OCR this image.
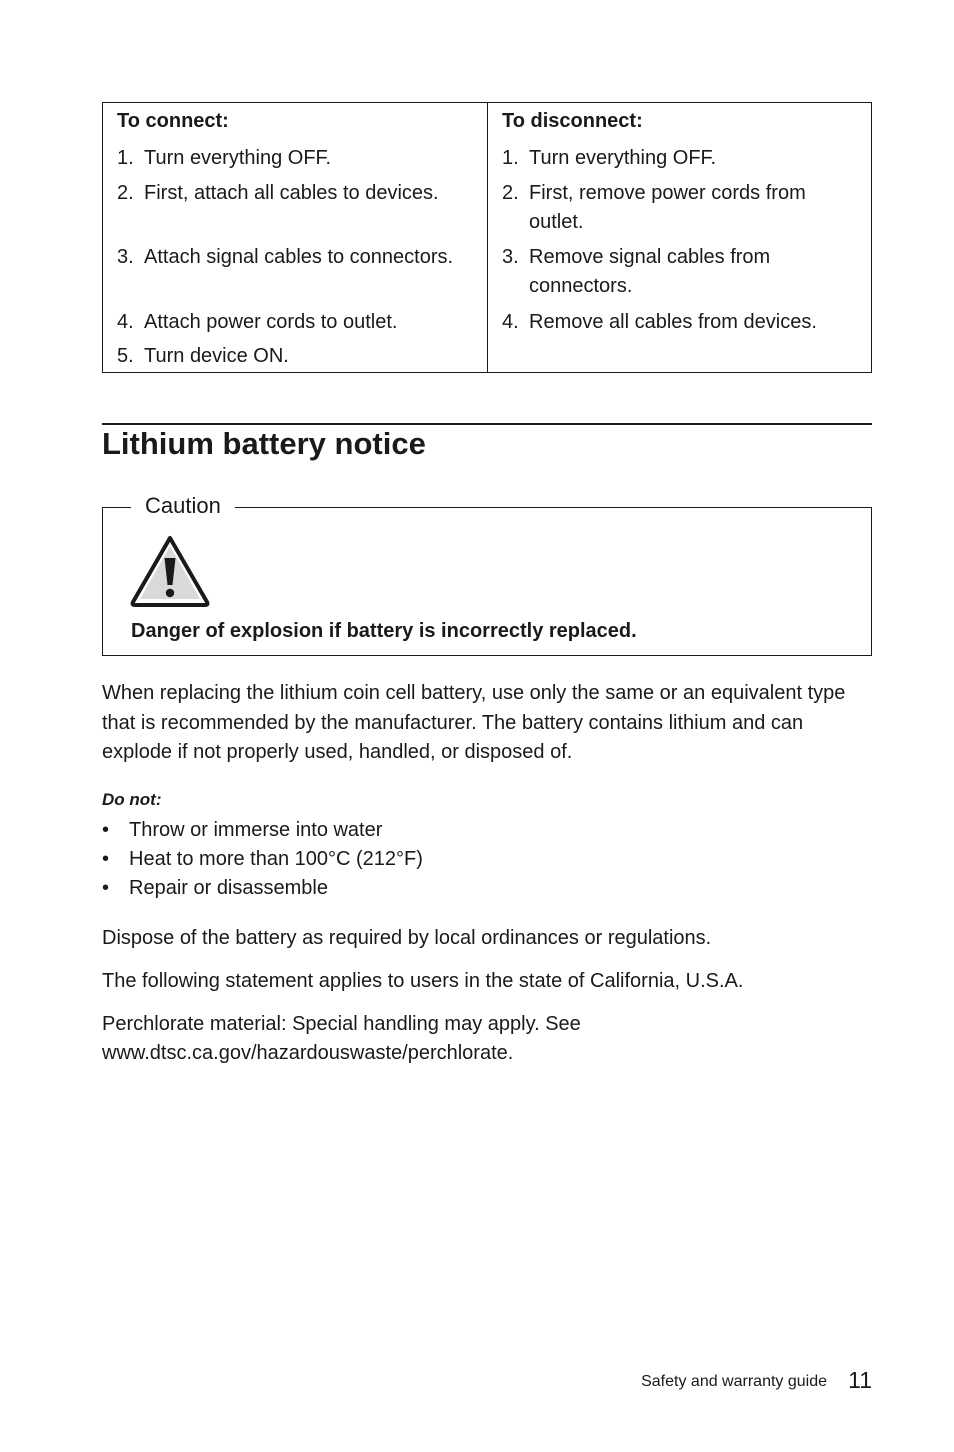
To connect:
1. Turn everything OFF.
2. First, attach all cables to devices.
3. Attach signal cables to connectors.
4. Attach power cords to outlet.
5. Turn device ON.
To disconnect:
1. Turn everything OFF.
2. First, remove power cords from outlet.
3. Remove signal cables from connectors.
4. Remove all cables from devices.
Lithium battery notice
Caution
Danger of explosion if battery is incorrectly replaced.

When replacing the lithium coin cell battery, use only the same or an equivalent type that is recommended by the manufacturer. The battery contains lithium and can explode if not properly used, handled, or disposed of.

Do not:
• Throw or immerse into water
• Heat to more than 100°C (212°F)
• Repair or disassemble

Dispose of the battery as required by local ordinances or regulations.

The following statement applies to users in the state of California, U.S.A.

Perchlorate material: Special handling may apply. See

www.dtsc.ca.gov/hazardouswaste/perchlorate.

Safety and warranty guide 11
